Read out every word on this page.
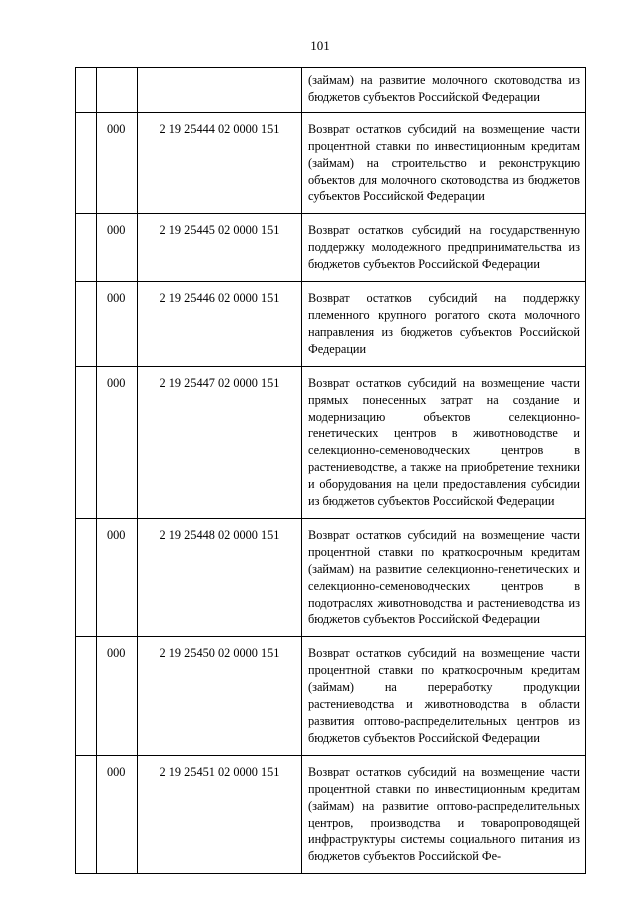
101
			(займам) на развитие молочного скотоводства из бюджетов субъектов Российской Федерации
	000	2 19 25444 02 0000 151	Возврат остатков субсидий на возмещение части процентной ставки по инвестиционным кредитам (займам) на строительство и реконструкцию объектов для молочного скотоводства из бюджетов субъектов Российской Федерации
	000	2 19 25445 02 0000 151	Возврат остатков субсидий на государственную поддержку молодежного предпринимательства из бюджетов субъектов Российской Федерации
	000	2 19 25446 02 0000 151	Возврат остатков субсидий на поддержку племенного крупного рогатого скота молочного направления из бюджетов субъектов Российской Федерации
	000	2 19 25447 02 0000 151	Возврат остатков субсидий на возмещение части прямых понесенных затрат на создание и модернизацию объектов селекционно-генетических центров в животноводстве и селекционно-семеноводческих центров в растениеводстве, а также на приобретение техники и оборудования на цели предоставления субсидии из бюджетов субъектов Российской Федерации
	000	2 19 25448 02 0000 151	Возврат остатков субсидий на возмещение части процентной ставки по краткосрочным кредитам (займам) на развитие селекционно-генетических и селекционно-семеноводческих центров в подотраслях животноводства и растениеводства из бюджетов субъектов Российской Федерации
	000	2 19 25450 02 0000 151	Возврат остатков субсидий на возмещение части процентной ставки по краткосрочным кредитам (займам) на переработку продукции растениеводства и животноводства в области развития оптово-распределительных центров из бюджетов субъектов Российской Федерации
	000	2 19 25451 02 0000 151	Возврат остатков субсидий на возмещение части процентной ставки по инвестиционным кредитам (займам) на развитие оптово-распределительных центров, производства и товаропроводящей инфраструктуры системы социального питания из бюджетов субъектов Российской Фе-
